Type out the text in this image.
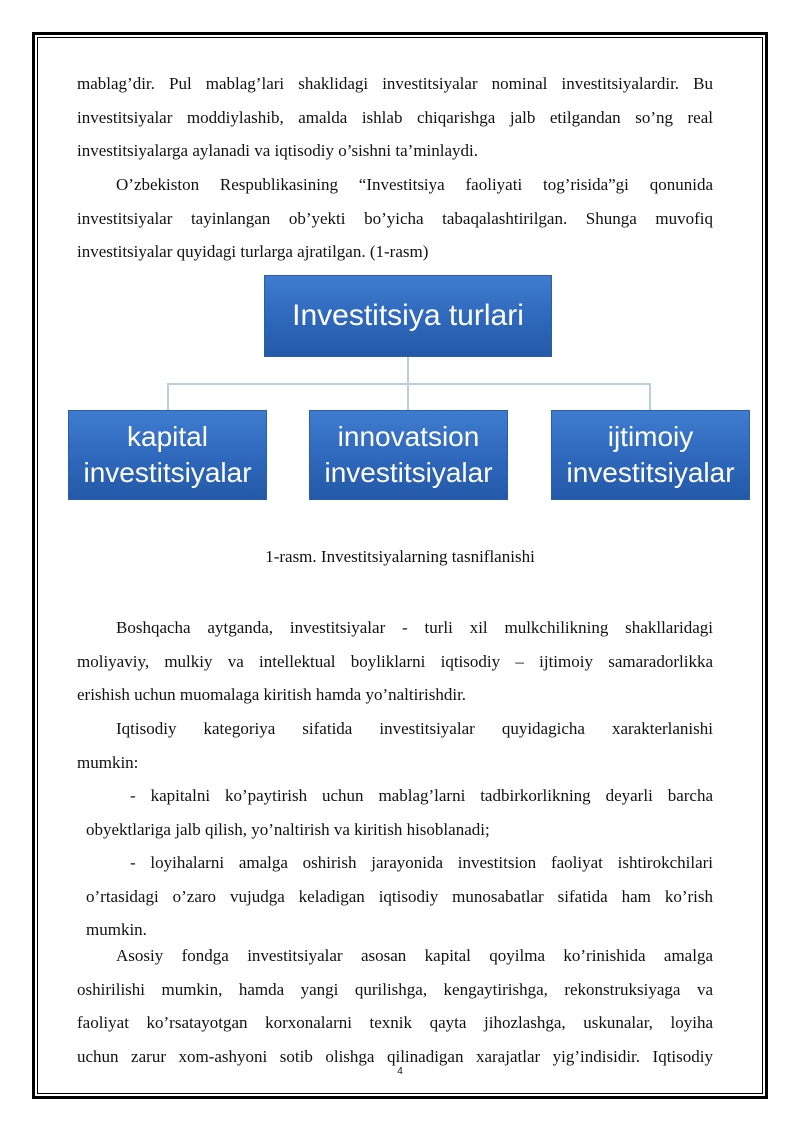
mablag’dir. Pul mablag’lari shaklidagi investitsiyalar nominal investitsiyalardir. Bu
investitsiyalar moddiylashib, amalda ishlab chiqarishga jalb etilgandan so’ng real
investitsiyalarga aylanadi va iqtisodiy o’sishni ta’minlaydi.
O’zbekiston Respublikasining “Investitsiya faoliyati tog’risida”gi qonunida
investitsiyalar tayinlangan ob’yekti bo’yicha tabaqalashtirilgan. Shunga muvofiq
investitsiyalar quyidagi turlarga ajratilgan. (1-rasm)
Investitsiya turlari
kapital
investitsiyalar
innovatsion
investitsiyalar
ijtimoiy
investitsiyalar
1-rasm. Investitsiyalarning tasniflanishi
Boshqacha aytganda, investitsiyalar - turli xil mulkchilikning shakllaridagi
moliyaviy, mulkiy va intellektual boyliklarni iqtisodiy – ijtimoiy samaradorlikka
erishish uchun muomalaga kiritish hamda yo’naltirishdir.
Iqtisodiy kategoriya sifatida investitsiyalar quyidagicha xarakterlanishi
mumkin:
- kapitalni ko’paytirish uchun mablag’larni tadbirkorlikning deyarli barcha
obyektlariga jalb qilish, yo’naltirish va kiritish hisoblanadi;
- loyihalarni amalga oshirish jarayonida investitsion faoliyat ishtirokchilari
o’rtasidagi o’zaro vujudga keladigan iqtisodiy munosabatlar sifatida ham ko’rish
mumkin.
Asosiy fondga investitsiyalar asosan kapital qoyilma ko’rinishida amalga
oshirilishi mumkin, hamda yangi qurilishga, kengaytirishga, rekonstruksiyaga va
faoliyat ko’rsatayotgan korxonalarni texnik qayta jihozlashga, uskunalar, loyiha
uchun zarur xom-ashyoni sotib olishga qilinadigan xarajatlar yig’indisidir. Iqtisodiy
4
